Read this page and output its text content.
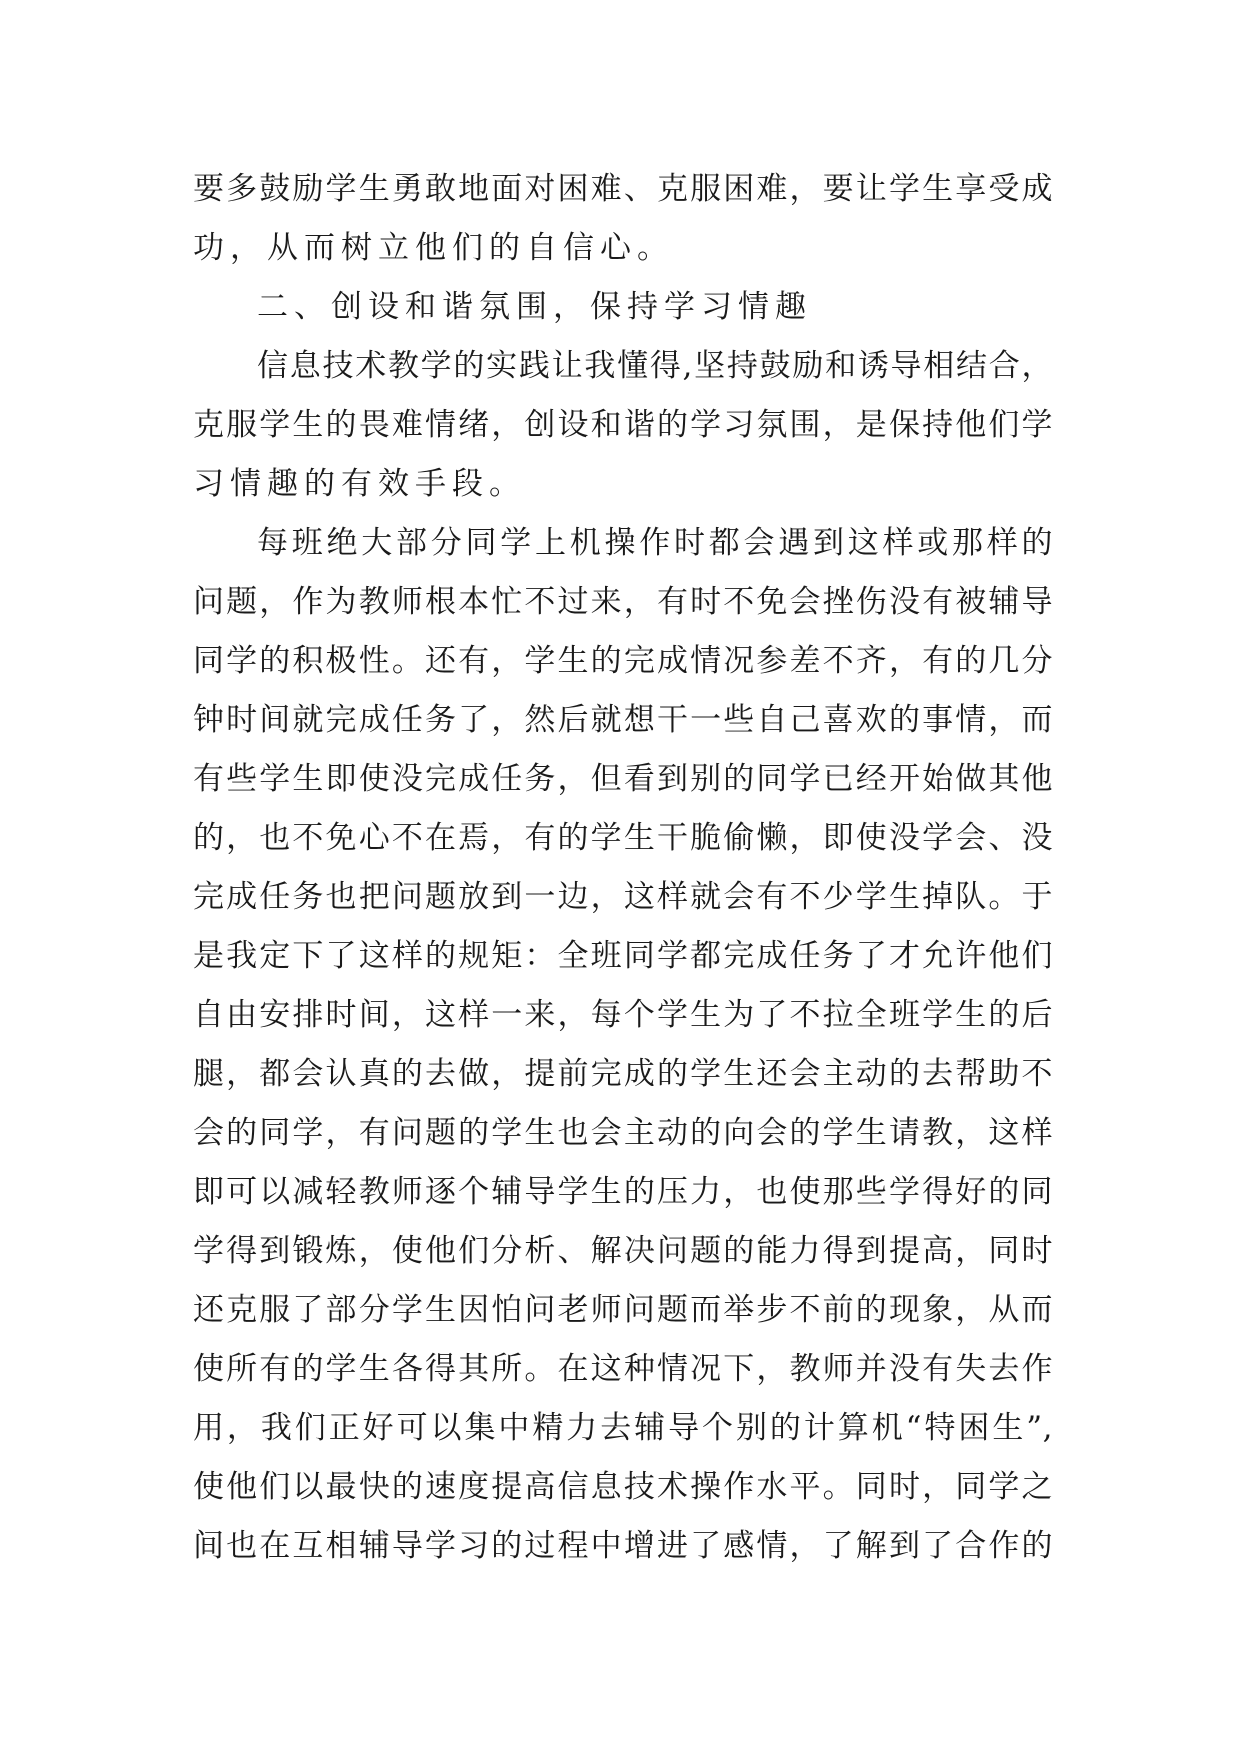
要多鼓励学生勇敢地面对困难、克服困难，要让学生享受成
功，从而树立他们的自信心。
二、创设和谐氛围，保持学习情趣
信息技术教学的实践让我懂得,坚持鼓励和诱导相结合，
克服学生的畏难情绪，创设和谐的学习氛围，是保持他们学
习情趣的有效手段。
每班绝大部分同学上机操作时都会遇到这样或那样的
问题，作为教师根本忙不过来，有时不免会挫伤没有被辅导
同学的积极性。还有，学生的完成情况参差不齐，有的几分
钟时间就完成任务了，然后就想干一些自己喜欢的事情，而
有些学生即使没完成任务，但看到别的同学已经开始做其他
的，也不免心不在焉，有的学生干脆偷懒，即使没学会、没
完成任务也把问题放到一边，这样就会有不少学生掉队。于
是我定下了这样的规矩：全班同学都完成任务了才允许他们
自由安排时间，这样一来，每个学生为了不拉全班学生的后
腿，都会认真的去做，提前完成的学生还会主动的去帮助不
会的同学，有问题的学生也会主动的向会的学生请教，这样
即可以减轻教师逐个辅导学生的压力，也使那些学得好的同
学得到锻炼，使他们分析、解决问题的能力得到提高，同时
还克服了部分学生因怕问老师问题而举步不前的现象，从而
使所有的学生各得其所。在这种情况下，教师并没有失去作
用，我们正好可以集中精力去辅导个别的计算机“特困生”,
使他们以最快的速度提高信息技术操作水平。同时，同学之
间也在互相辅导学习的过程中增进了感情，了解到了合作的
